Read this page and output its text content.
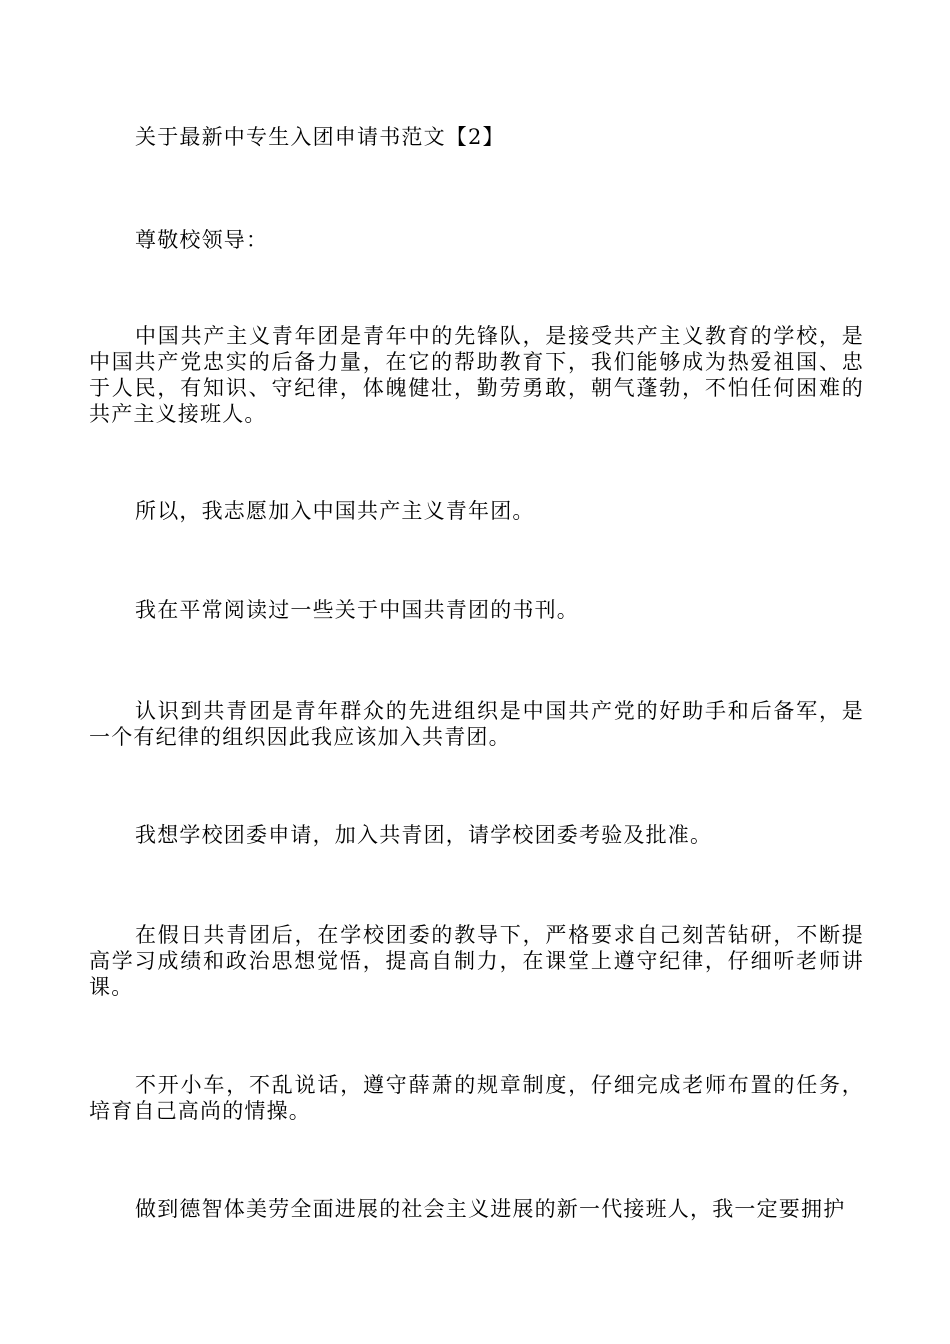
关于最新中专生入团申请书范文【2】

尊敬校领导：

中国共产主义青年团是青年中的先锋队，是接受共产主义教育的学校，是中国共产党忠实的后备力量，在它的帮助教育下，我们能够成为热爱祖国、忠于人民，有知识、守纪律，体魄健壮，勤劳勇敢，朝气蓬勃，不怕任何困难的共产主义接班人。

所以，我志愿加入中国共产主义青年团。

我在平常阅读过一些关于中国共青团的书刊。

认识到共青团是青年群众的先进组织是中国共产党的好助手和后备军，是一个有纪律的组织因此我应该加入共青团。

我想学校团委申请，加入共青团，请学校团委考验及批准。

在假日共青团后，在学校团委的教导下，严格要求自己刻苦钻研，不断提高学习成绩和政治思想觉悟，提高自制力，在课堂上遵守纪律，仔细听老师讲课。

不开小车，不乱说话，遵守薛萧的规章制度，仔细完成老师布置的任务，培育自己高尚的情操。

做到德智体美劳全面进展的社会主义进展的新一代接班人，我一定要拥护
